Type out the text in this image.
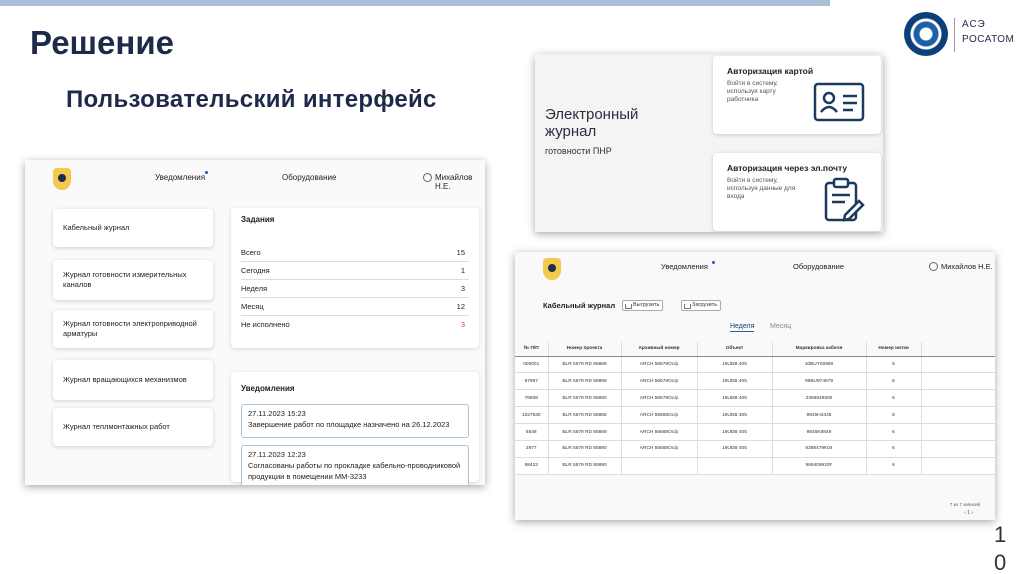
Решение
Пользовательский интерфейс
АСЭ
РОСАТОМ
1
0
Уведомления	Оборудование	Михайлов Н.Е.
Кабельный журнал
Журнал готовности измерительных каналов
Журнал готовности электроприводной арматуры
Журнал вращающихся механизмов
Журнал теплмонтажных работ
Задания
Всего	15
Сегодня	1
Неделя	3
Месяц	12
Не исполнено	3
Уведомления
27.11.2023 15:23
Завершение работ по площадке назначено на 26.12.2023
27.11.2023 12:23
Согласованы работы по прокладке кабельно-проводниковой продукции в помещении ММ-3233
Электронный
журнал
готовности ПНР
Авторизация картой
Войти в систему, используя карту работника
Авторизация через эл.почту
Войти в систему, используя данные для входа
Уведомления	Оборудование	Михайлов Н.Е.
Кабельный журнал	Выгрузить	Загрузить
Неделя Месяц
№ П/П	Номер проекта	Архивный номер	Объект	Маркировка кабеля	Номер нитки	
000001	BLR 5579 RD 85888	ARCH 56678Oc/p	19UDB 405	10BUY00980	6	
67997	BLR 5579 RD 85889	ARCH 56678Oc/p	19UDB 405	99BU974679	6	
76808	BLR 5579 RD 85890	ARCH 56678Oc/p	19UDB 405	2358849500	6	
1027630	BLR 5579 RD 85888	ARCH 56688Oc/p	19UDB 405	9945H4345	6	
6548	BLR 5579 RD 85889	ARCH 56688Oc/p	19UDB 405	8645K8849	6	
2977	BLR 5579 RD 85890	ARCH 56688Oc/p	19UDB 405	9388479K04	6	
98423	BLR 5579 RD 85890			999409920F	6	
7 из 7 записей
‹ 1 ›
